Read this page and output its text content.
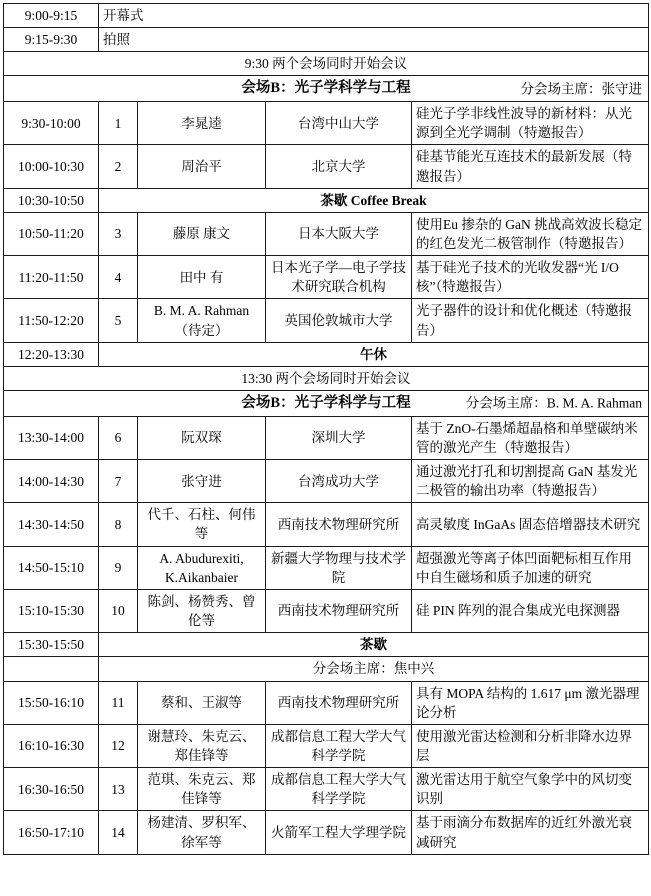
9:00-9:15	开幕式			
9:15-9:30	拍照			
9:30 两个会场同时开始会议				

会场B：光子学科学与工程 分会场主席：张守进				

9:30-10:00	1	李晁逵	台湾中山大学	硅光子学非线性波导的新材料：从光源到全光学调制（特邀报告）
10:00-10:30	2	周治平	北京大学	硅基节能光互连技术的最新发展（特邀报告）
10:30-10:50	茶歇 Coffee Break			
10:50-11:20	3	藤原 康文	日本大阪大学	使用Eu 掺杂的 GaN 挑战高效波长稳定的红色发光二极管制作（特邀报告）
11:20-11:50	4	田中 有	日本光子学—电子学技术研究联合机构	基于硅光子技术的光收发器“光 I/O 核”（特邀报告）
11:50-12:20	5	B. M. A. Rahman（待定）	英国伦敦城市大学	光子器件的设计和优化概述（特邀报告）
12:20-13:30	午休			
13:30 两个会场同时开始会议				

会场B：光子学科学与工程 分会场主席：B. M. A. Rahman				

13:30-14:00	6	阮双琛	深圳大学	基于 ZnO-石墨烯超晶格和单壁碳纳米管的激光产生（特邀报告）
14:00-14:30	7	张守进	台湾成功大学	通过激光打孔和切割提高 GaN 基发光二极管的输出功率（特邀报告）
14:30-14:50	8	代千、石柱、何伟等	西南技术物理研究所	高灵敏度 InGaAs 固态倍增器技术研究
14:50-15:10	9	A. Abudurexiti, K.Aikanbaier	新疆大学物理与技术学院	超强激光等离子体凹面靶标相互作用中自生磁场和质子加速的研究
15:10-15:30	10	陈剑、杨赞秀、曾伦等	西南技术物理研究所	硅 PIN 阵列的混合集成光电探测器
15:30-15:50	茶歇			
	分会场主席：焦中兴			
15:50-16:10	11	蔡和、王淑等	西南技术物理研究所	具有 MOPA 结构的 1.617 μm 激光器理论分析
16:10-16:30	12	谢慧玲、朱克云、郑佳锋等	成都信息工程大学大气科学学院	使用激光雷达检测和分析非降水边界层
16:30-16:50	13	范琪、朱克云、郑佳锋等	成都信息工程大学大气科学学院	激光雷达用于航空气象学中的风切变识别
16:50-17:10	14	杨建清、罗积军、徐军等	火箭军工程大学理学院	基于雨滴分布数据库的近红外激光衰减研究
